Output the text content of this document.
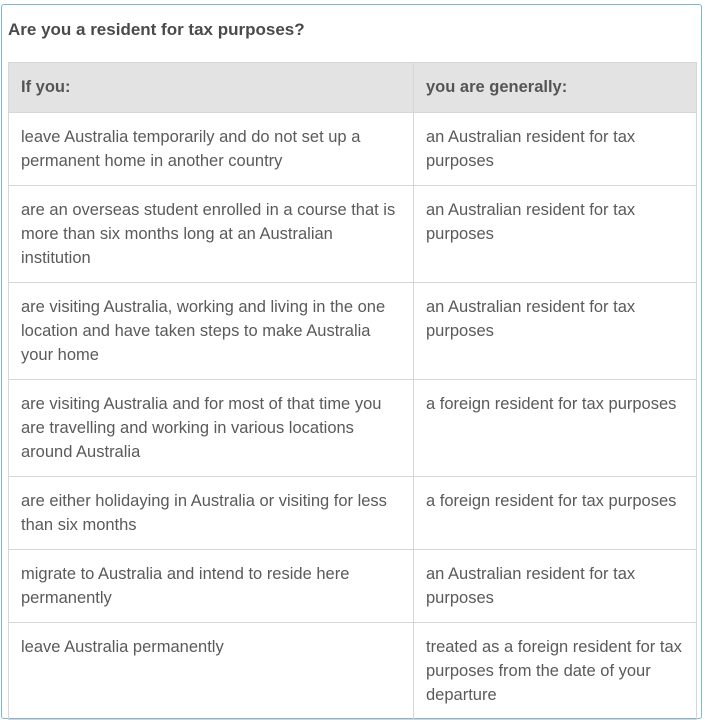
Are you a resident for tax purposes?
If you:	you are generally:
leave Australia temporarily and do not set up a permanent home in another country	an Australian resident for tax purposes
are an overseas student enrolled in a course that is more than six months long at an Australian institution	an Australian resident for tax purposes
are visiting Australia, working and living in the one location and have taken steps to make Australia your home	an Australian resident for tax purposes
are visiting Australia and for most of that time you are travelling and working in various locations around Australia	a foreign resident for tax purposes
are either holidaying in Australia or visiting for less than six months	a foreign resident for tax purposes
migrate to Australia and intend to reside here permanently	an Australian resident for tax purposes
leave Australia permanently	treated as a foreign resident for tax purposes from the date of your departure
